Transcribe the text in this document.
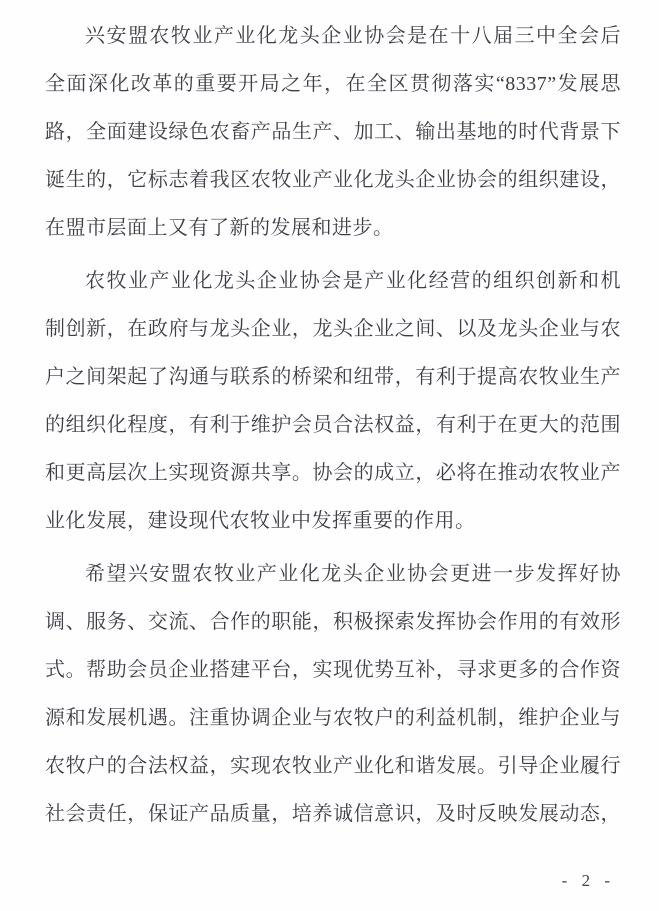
兴安盟农牧业产业化龙头企业协会是在十八届三中全会后
全面深化改革的重要开局之年，在全区贯彻落实“8337”发展思
路，全面建设绿色农畜产品生产、加工、输出基地的时代背景下
诞生的，它标志着我区农牧业产业化龙头企业协会的组织建设，
在盟市层面上又有了新的发展和进步。
农牧业产业化龙头企业协会是产业化经营的组织创新和机
制创新，在政府与龙头企业，龙头企业之间、以及龙头企业与农
户之间架起了沟通与联系的桥梁和纽带，有利于提高农牧业生产
的组织化程度，有利于维护会员合法权益，有利于在更大的范围
和更高层次上实现资源共享。协会的成立，必将在推动农牧业产
业化发展，建设现代农牧业中发挥重要的作用。
希望兴安盟农牧业产业化龙头企业协会更进一步发挥好协
调、服务、交流、合作的职能，积极探索发挥协会作用的有效形
式。帮助会员企业搭建平台，实现优势互补，寻求更多的合作资
源和发展机遇。注重协调企业与农牧户的利益机制，维护企业与
农牧户的合法权益，实现农牧业产业化和谐发展。引导企业履行
社会责任，保证产品质量，培养诚信意识，及时反映发展动态，
- 2 -
